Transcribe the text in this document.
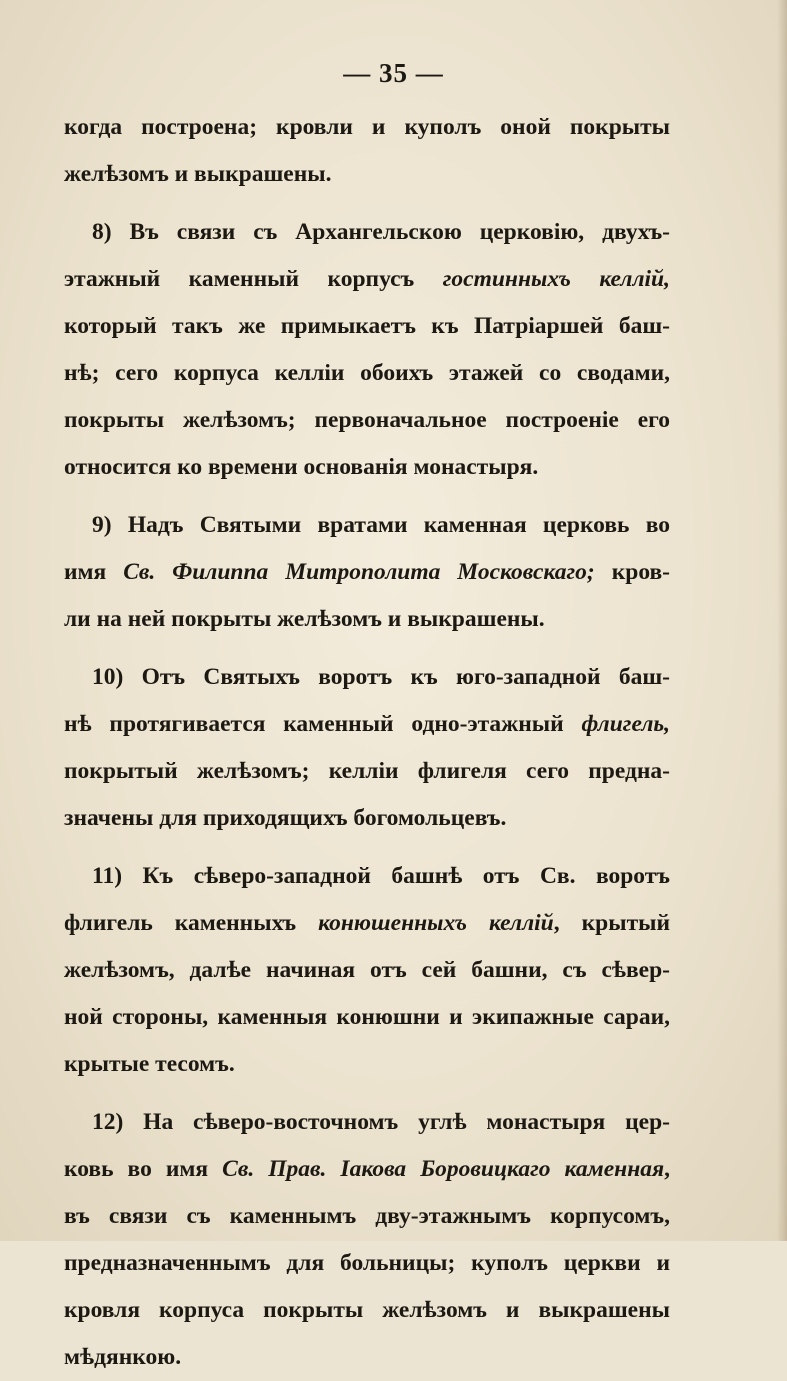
— 35 —
когда построена; кровли и куполъ оной покрыты
желѣзомъ и выкрашены.
8) Въ связи съ Архангельскою церковію, двухъ-
этажный каменный корпусъ гостинныхъ келлій,
который такъ же примыкаетъ къ Патріаршей баш-
нѣ; сего корпуса келліи обоихъ этажей со сводами,
покрыты желѣзомъ; первоначальное построеніе его
относится ко времени основанія монастыря.
9) Надъ Святыми вратами каменная церковь во
имя Св. Филиппа Митрополита Московскаго; кров-
ли на ней покрыты желѣзомъ и выкрашены.
10) Отъ Святыхъ воротъ къ юго-западной баш-
нѣ протягивается каменный одно-этажный флигель,
покрытый желѣзомъ; келліи флигеля сего предна-
значены для приходящихъ богомольцевъ.
11) Къ сѣверо-западной башнѣ отъ Св. воротъ
флигель каменныхъ конюшенныхъ келлій, крытый
желѣзомъ, далѣе начиная отъ сей башни, съ сѣвер-
ной стороны, каменныя конюшни и экипажные сараи,
крытые тесомъ.
12) На сѣверо-восточномъ углѣ монастыря цер-
ковь во имя Св. Прав. Іакова Боровицкаго каменная,
въ связи съ каменнымъ дву-этажнымъ корпусомъ,
предназначеннымъ для больницы; куполъ церкви и
кровля корпуса покрыты желѣзомъ и выкрашены
мѣдянкою.
